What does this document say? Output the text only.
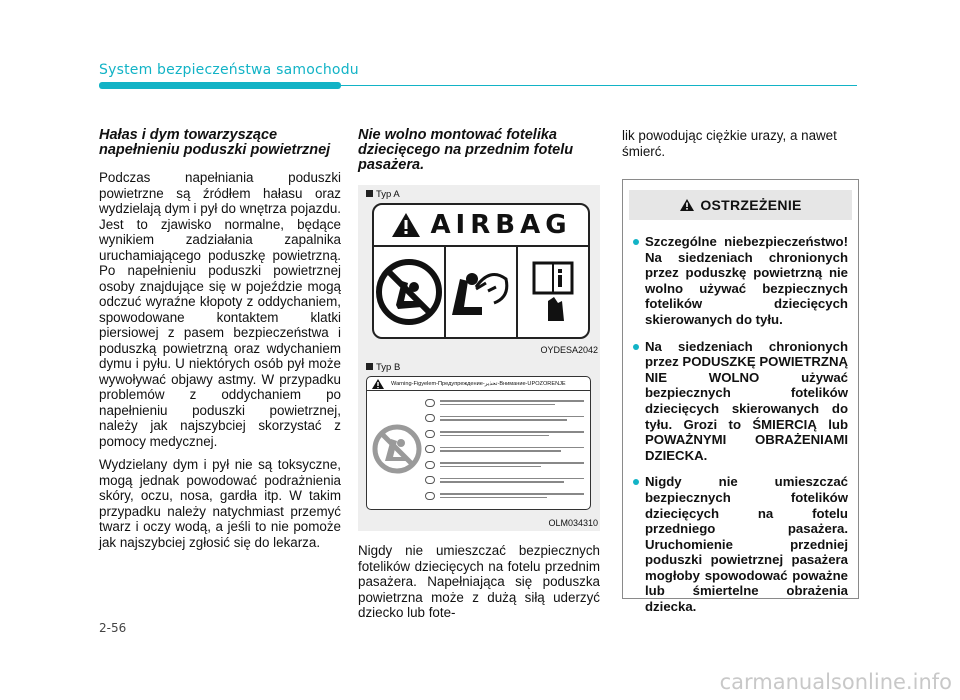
System bezpieczeństwa samochodu
Hałas i dym towarzyszące napełnieniu poduszki powietrznej

Podczas napełniania poduszki powietrzne są źródłem hałasu oraz wydzielają dym i pył do wnętrza pojazdu. Jest to zjawisko normalne, będące wynikiem zadziałania zapalnika uruchamiającego poduszkę powietrzną. Po napełnieniu poduszki powietrznej osoby znajdujące się w pojeździe mogą odczuć wyraźne kłopoty z oddychaniem, spowodowane kontaktem klatki piersiowej z pasem bezpieczeństwa i poduszką powietrzną oraz wdychaniem dymu i pyłu. U niektórych osób pył może wywoływać objawy astmy. W przypadku problemów z oddychaniem po napełnieniu poduszki powietrznej, należy jak najszybciej skorzystać z pomocy medycznej.

Wydzielany dym i pył nie są toksyczne, mogą jednak powodować podrażnienia skóry, oczu, nosa, gardła itp. W takim przypadku należy natychmiast przemyć twarz i oczy wodą, a jeśli to nie pomoże jak najszybciej zgłosić się do lekarza.

Nie wolno montować fotelika dziecięcego na przednim fotelu pasażera.
Typ A
AIRBAG
OYDESA2042
Typ B
Warning-Figyelem-Предупреждение-تحذير-Внимание-UPOZORENJE
OLM034310

Nigdy nie umieszczać bezpiecznych fotelików dziecięcych na fotelu przednim pasażera. Napełniająca się poduszka powietrzna może z dużą siłą uderzyć dziecko lub fote-

lik powodując ciężkie urazy, a nawet śmierć.

OSTRZEŻENIE
Szczególne niebezpieczeństwo! Na siedzeniach chronionych przez poduszkę powietrzną nie wolno używać bezpiecznych fotelików dziecięcych skierowanych do tyłu.
Na siedzeniach chronionych przez PODUSZKĘ POWIETRZNĄ NIE WOLNO używać bezpiecznych fotelików dziecięcych skierowanych do tyłu. Grozi to ŚMIERCIĄ lub POWAŻNYMI OBRAŻENIAMI DZIECKA.
Nigdy nie umieszczać bezpiecznych fotelików dziecięcych na fotelu przedniego pasażera. Uruchomienie przedniej poduszki powietrznej pasażera mogłoby spowodować poważne lub śmiertelne obrażenia dziecka.
2-56
carmanualsonline.info
